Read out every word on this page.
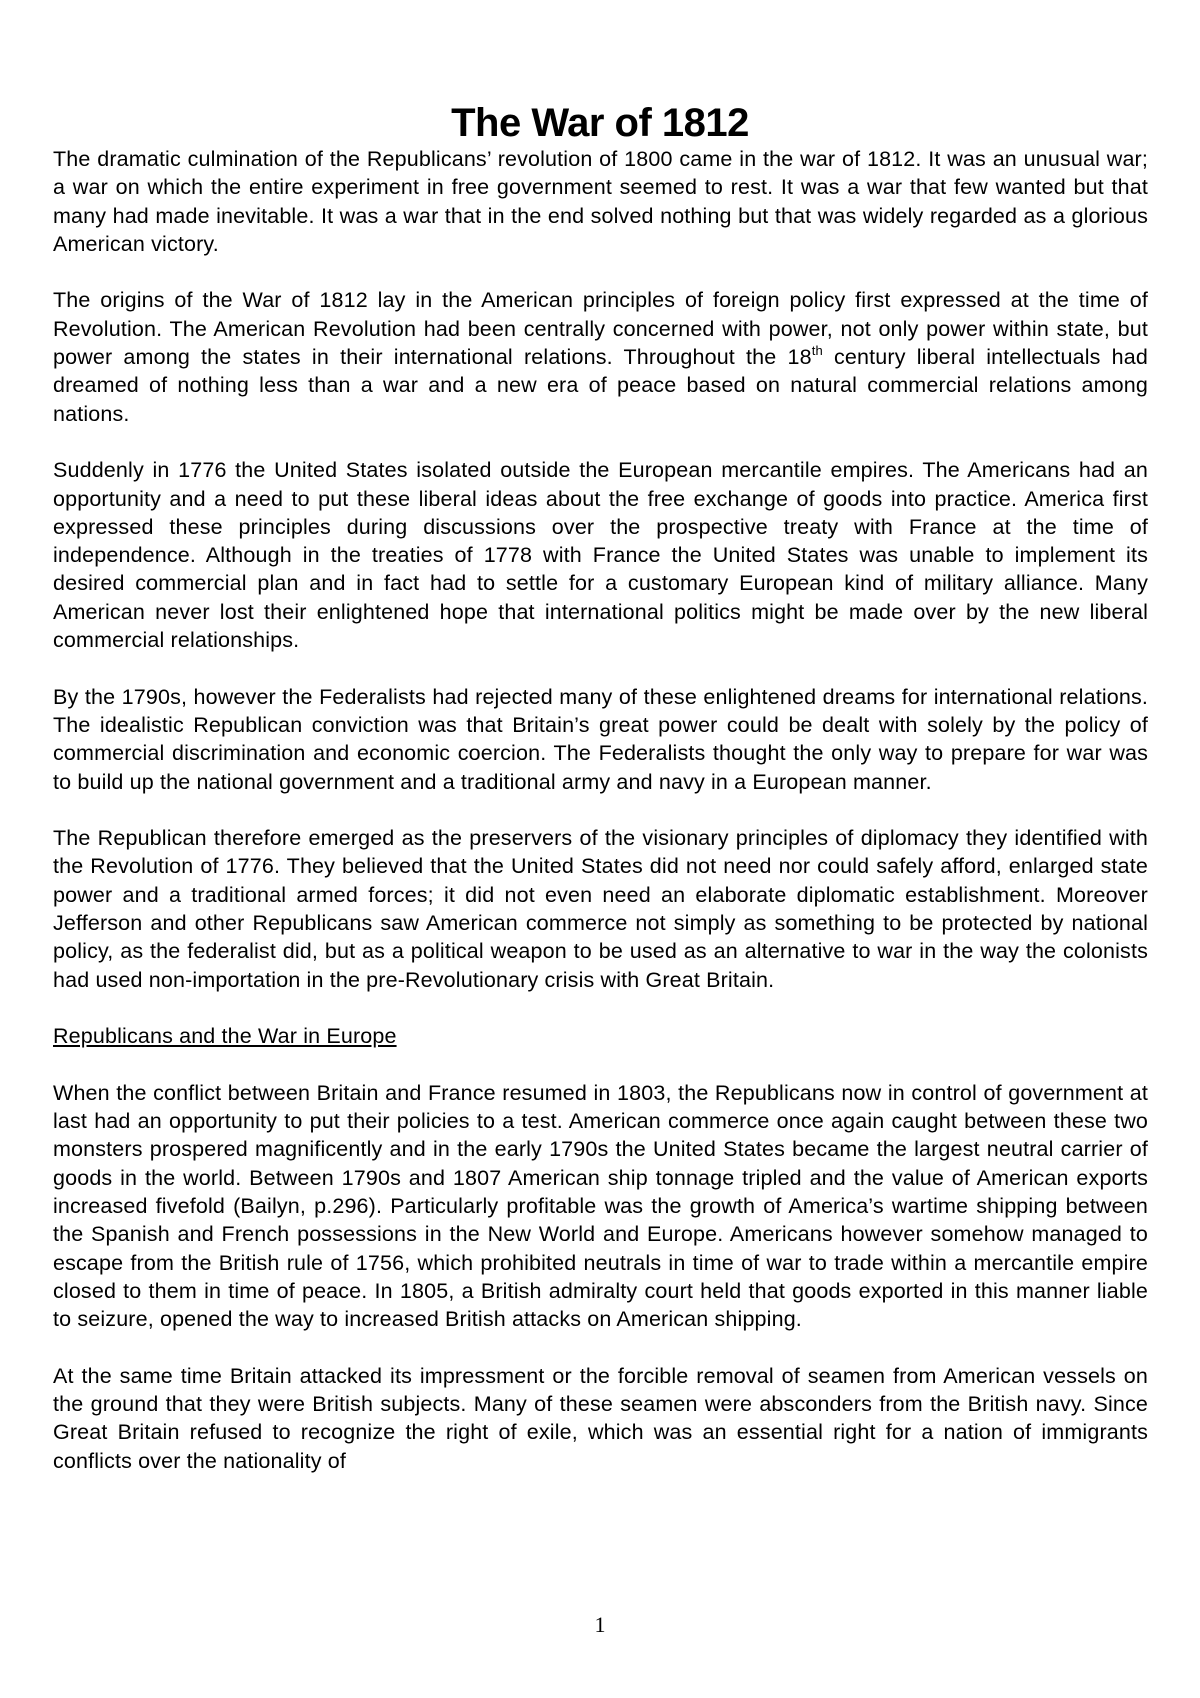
The War of 1812

The dramatic culmination of the Republicans’ revolution of 1800 came in the war of 1812. It was an unusual war; a war on which the entire experiment in free government seemed to rest. It was a war that few wanted but that many had made inevitable. It was a war that in the end solved nothing but that was widely regarded as a glorious American victory.

The origins of the War of 1812 lay in the American principles of foreign policy first expressed at the time of Revolution. The American Revolution had been centrally concerned with power, not only power within state, but power among the states in their international relations. Throughout the 18th century liberal intellectuals had dreamed of nothing less than a war and a new era of peace based on natural commercial relations among nations.

Suddenly in 1776 the United States isolated outside the European mercantile empires. The Americans had an opportunity and a need to put these liberal ideas about the free exchange of goods into practice. America first expressed these principles during discussions over the prospective treaty with France at the time of independence. Although in the treaties of 1778 with France the United States was unable to implement its desired commercial plan and in fact had to settle for a customary European kind of military alliance. Many American never lost their enlightened hope that international politics might be made over by the new liberal commercial relationships.

By the 1790s, however the Federalists had rejected many of these enlightened dreams for international relations. The idealistic Republican conviction was that Britain’s great power could be dealt with solely by the policy of commercial discrimination and economic coercion. The Federalists thought the only way to prepare for war was to build up the national government and a traditional army and navy in a European manner.

The Republican therefore emerged as the preservers of the visionary principles of diplomacy they identified with the Revolution of 1776. They believed that the United States did not need nor could safely afford, enlarged state power and a traditional armed forces; it did not even need an elaborate diplomatic establishment. Moreover Jefferson and other Republicans saw American commerce not simply as something to be protected by national policy, as the federalist did, but as a political weapon to be used as an alternative to war in the way the colonists had used non-importation in the pre-Revolutionary crisis with Great Britain.

Republicans and the War in Europe

When the conflict between Britain and France resumed in 1803, the Republicans now in control of government at last had an opportunity to put their policies to a test. American commerce once again caught between these two monsters prospered magnificently and in the early 1790s the United States became the largest neutral carrier of goods in the world. Between 1790s and 1807 American ship tonnage tripled and the value of American exports increased fivefold (Bailyn, p.296). Particularly profitable was the growth of America’s wartime shipping between the Spanish and French possessions in the New World and Europe. Americans however somehow managed to escape from the British rule of 1756, which prohibited neutrals in time of war to trade within a mercantile empire closed to them in time of peace. In 1805, a British admiralty court held that goods exported in this manner liable to seizure, opened the way to increased British attacks on American shipping.

At the same time Britain attacked its impressment or the forcible removal of seamen from American vessels on the ground that they were British subjects. Many of these seamen were absconders from the British navy. Since Great Britain refused to recognize the right of exile, which was an essential right for a nation of immigrants conflicts over the nationality of

1
